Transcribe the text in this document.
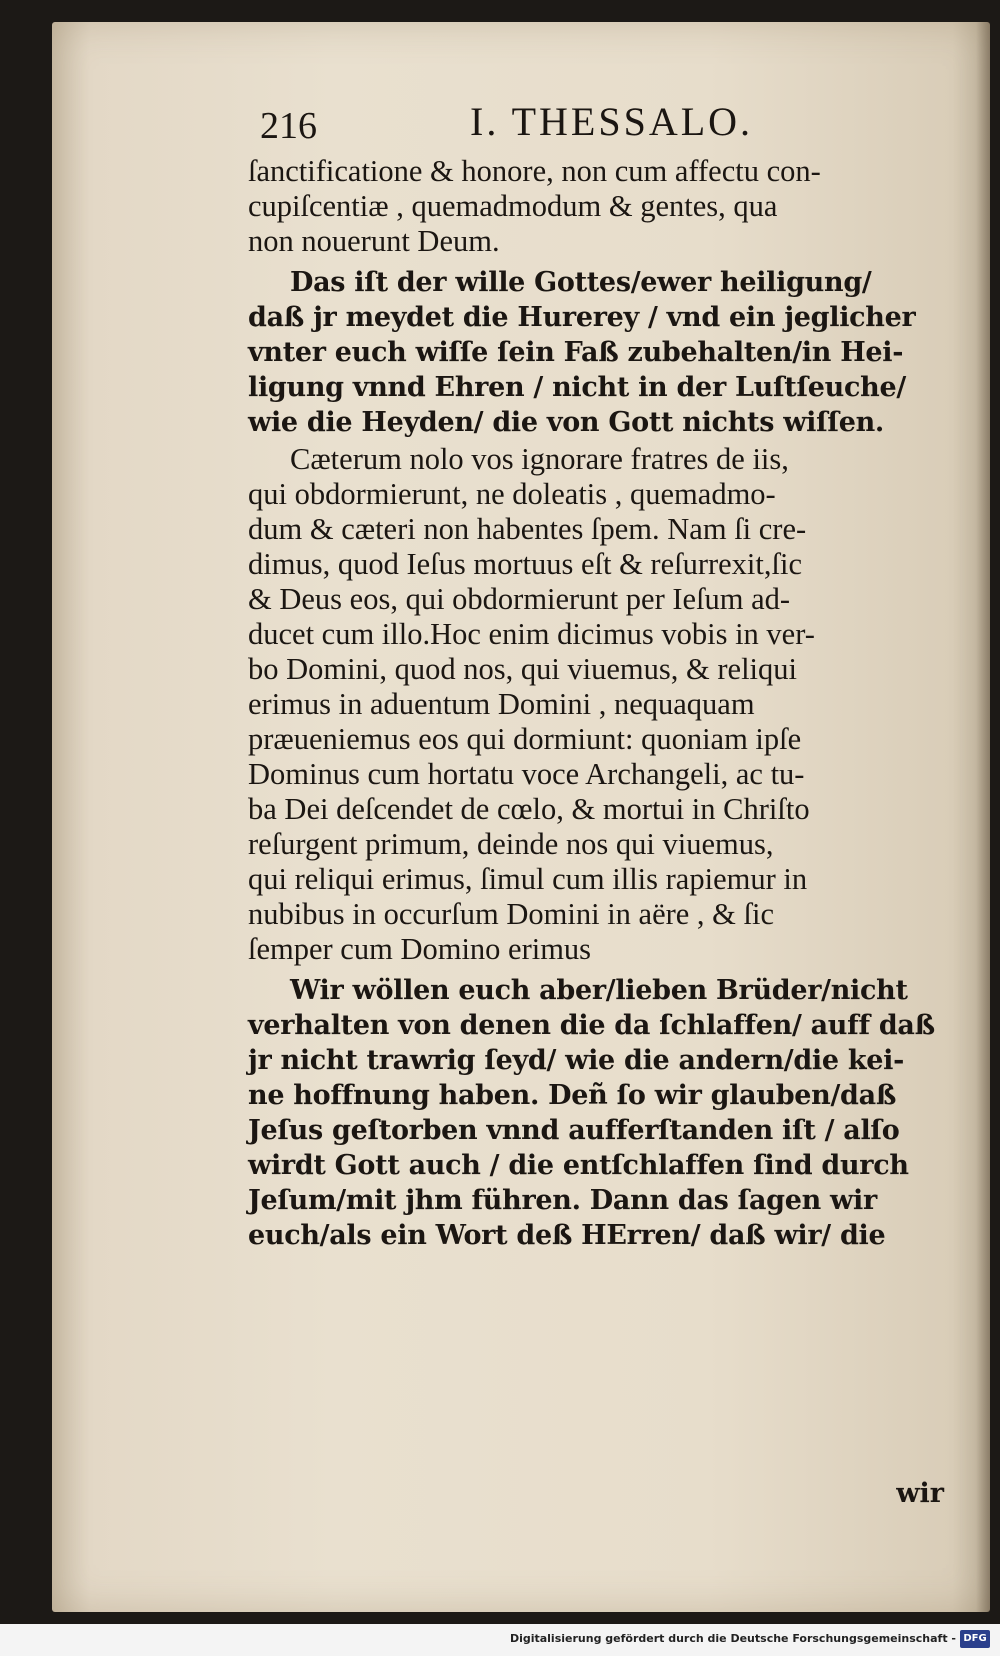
216	I. THESSALO.
ſanctificatione & honore, non cum affectu con-
cupiſcentiæ , quemadmodum & gentes, qua
non nouerunt Deum.
Das iſt der wille Gottes/ewer heiligung/
daß jr meydet die Hurerey / vnd ein jeglicher
vnter euch wiſſe ſein Faß zubehalten/in Hei-
ligung vnnd Ehren / nicht in der Luſtſeuche/
wie die Heyden/ die von Gott nichts wiſſen.
Cæterum nolo vos ignorare fratres de iis,
qui obdormierunt, ne doleatis , quemadmo-
dum & cæteri non habentes ſpem. Nam ſi cre-
dimus, quod Ieſus mortuus eſt & reſurrexit,ſic
& Deus eos, qui obdormierunt per Ieſum ad-
ducet cum illo.Hoc enim dicimus vobis in ver-
bo Domini, quod nos, qui viuemus, & reliqui
erimus in aduentum Domini , nequaquam
præueniemus eos qui dormiunt: quoniam ipſe
Dominus cum hortatu voce Archangeli, ac tu-
ba Dei deſcendet de cœlo, & mortui in Chriſto
reſurgent primum, deinde nos qui viuemus,
qui reliqui erimus, ſimul cum illis rapiemur in
nubibus in occurſum Domini in aëre , & ſic
ſemper cum Domino erimus
Wir wöllen euch aber/lieben Brüder/nicht
verhalten von denen die da ſchlaffen/ auff daß
jr nicht trawrig ſeyd/ wie die andern/die kei-
ne hoffnung haben. Deñ ſo wir glauben/daß
Jeſus geſtorben vnnd aufferſtanden iſt / alſo
wirdt Gott auch / die entſchlaffen ſind durch
Jeſum/mit jhm führen. Dann das ſagen wir
euch/als ein Wort deß HErren/ daß wir/ die
wir
Digitalisierung gefördert durch die Deutsche Forschungsgemeinschaft - DFG
